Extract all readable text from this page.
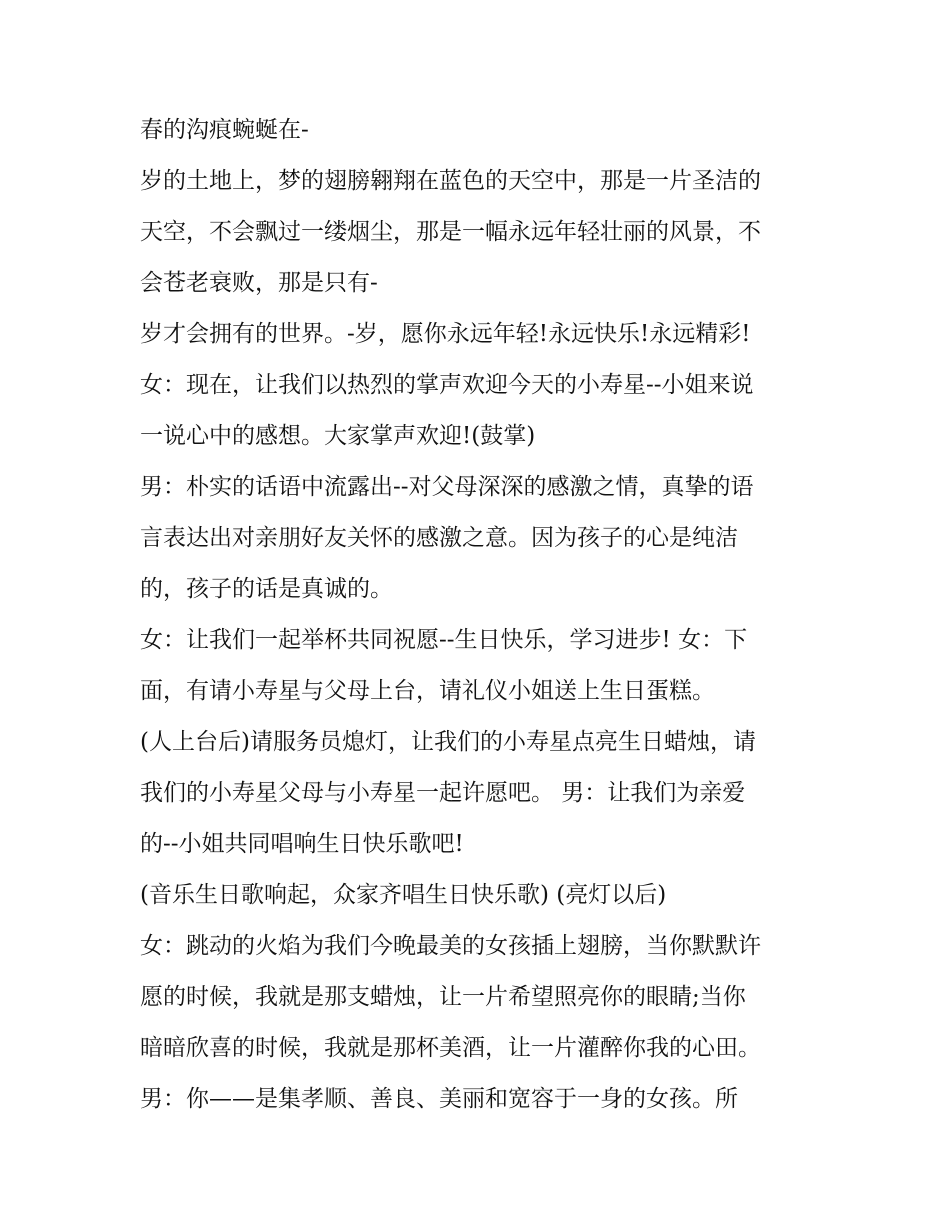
春的沟痕蜿蜒在-
岁的土地上，梦的翅膀翱翔在蓝色的天空中，那是一片圣洁的
天空，不会飘过一缕烟尘，那是一幅永远年轻壮丽的风景，不
会苍老衰败，那是只有-
岁才会拥有的世界。-岁，愿你永远年轻!永远快乐!永远精彩!
女：现在，让我们以热烈的掌声欢迎今天的小寿星--小姐来说
一说心中的感想。大家掌声欢迎!(鼓掌)
男：朴实的话语中流露出--对父母深深的感激之情，真挚的语
言表达出对亲朋好友关怀的感激之意。因为孩子的心是纯洁
的，孩子的话是真诚的。
女：让我们一起举杯共同祝愿--生日快乐，学习进步! 女：下
面，有请小寿星与父母上台，请礼仪小姐送上生日蛋糕。
(人上台后)请服务员熄灯，让我们的小寿星点亮生日蜡烛，请
我们的小寿星父母与小寿星一起许愿吧。 男：让我们为亲爱
的--小姐共同唱响生日快乐歌吧!
(音乐生日歌响起，众家齐唱生日快乐歌) (亮灯以后)
女：跳动的火焰为我们今晚最美的女孩插上翅膀，当你默默许
愿的时候，我就是那支蜡烛，让一片希望照亮你的眼睛;当你
暗暗欣喜的时候，我就是那杯美酒，让一片灌醉你我的心田。
男：你——是集孝顺、善良、美丽和宽容于一身的女孩。所
